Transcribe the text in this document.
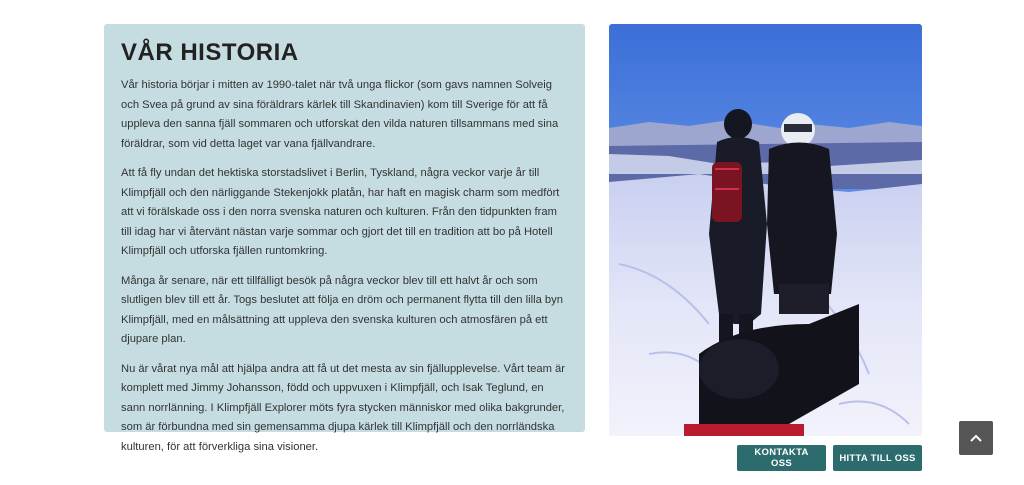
VÅR HISTORIA

Vår historia börjar i mitten av 1990-talet när två unga flickor (som gavs namnen Solveig och Svea på grund av sina föräldrars kärlek till Skandinavien) kom till Sverige för att få uppleva den sanna fjäll sommaren och utforskat den vilda naturen tillsammans med sina föräldrar, som vid detta laget var vana fjällvandrare.

Att få fly undan det hektiska storstadslivet i Berlin, Tyskland, några veckor varje år till Klimpfjäll och den närliggande Stekenjokk platån, har haft en magisk charm som medfört att vi förälskade oss i den norra svenska naturen och kulturen. Från den tidpunkten fram till idag har vi återvänt nästan varje sommar och gjort det till en tradition att bo på Hotell Klimpfjäll och utforska fjällen runtomkring.

Många år senare, när ett tillfälligt besök på några veckor blev till ett halvt år och som slutligen blev till ett år. Togs beslutet att följa en dröm och permanent flytta till den lilla byn Klimpfjäll, med en målsättning att uppleva den svenska kulturen och atmosfären på ett djupare plan.

Nu är vårat nya mål att hjälpa andra att få ut det mesta av sin fjällupplevelse. Vårt team är komplett med Jimmy Johansson, född och uppvuxen i Klimpfjäll, och Isak Teglund, en sann norrlänning. I Klimpfjäll Explorer möts fyra stycken människor med olika bakgrunder, som är förbundna med sin gemensamma djupa kärlek till Klimpfjäll och den norrländska kulturen, för att förverkliga sina visioner.	KONTAKTA OSS	HITTA TILL OSS
